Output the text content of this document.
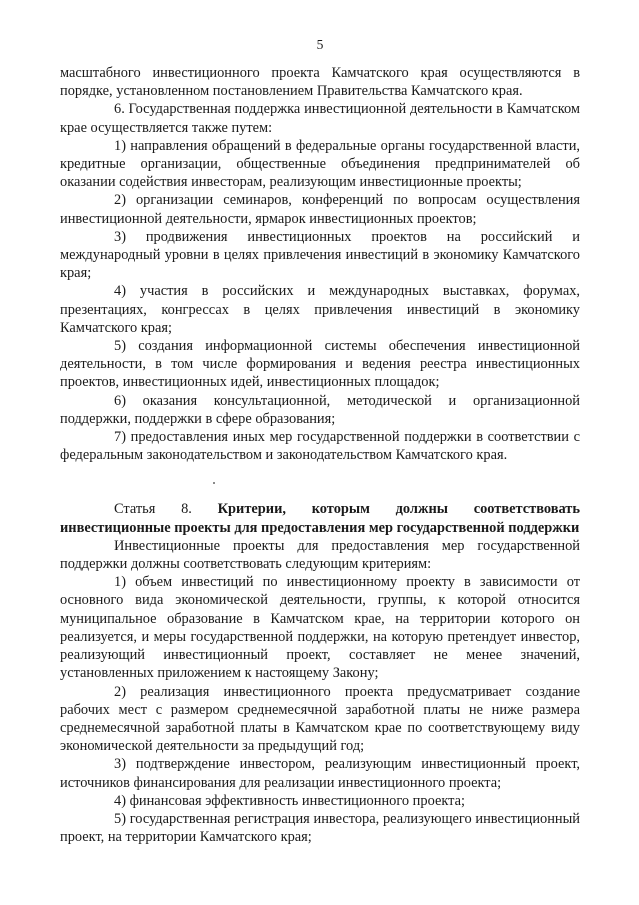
5

масштабного инвестиционного проекта Камчатского края осуществляются в порядке, установленном постановлением Правительства Камчатского края.

6. Государственная поддержка инвестиционной деятельности в Камчатском крае осуществляется также путем:

1) направления обращений в федеральные органы государственной власти, кредитные организации, общественные объединения предпринимателей об оказании содействия инвесторам, реализующим инвестиционные проекты;

2) организации семинаров, конференций по вопросам осуществления инвестиционной деятельности, ярмарок инвестиционных проектов;

3) продвижения инвестиционных проектов на российский и международный уровни в целях привлечения инвестиций в экономику Камчатского края;

4) участия в российских и международных выставках, форумах, презентациях, конгрессах в целях привлечения инвестиций в экономику Камчатского края;

5) создания информационной системы обеспечения инвестиционной деятельности, в том числе формирования и ведения реестра инвестиционных проектов, инвестиционных идей, инвестиционных площадок;

6) оказания консультационной, методической и организационной поддержки, поддержки в сфере образования;

7) предоставления иных мер государственной поддержки в соответствии с федеральным законодательством и законодательством Камчатского края.

Статья 8. Критерии, которым должны соответствовать инвестиционные проекты для предоставления мер государственной поддержки

Инвестиционные проекты для предоставления мер государственной поддержки должны соответствовать следующим критериям:

1) объем инвестиций по инвестиционному проекту в зависимости от основного вида экономической деятельности, группы, к которой относится муниципальное образование в Камчатском крае, на территории которого он реализуется, и меры государственной поддержки, на которую претендует инвестор, реализующий инвестиционный проект, составляет не менее значений, установленных приложением к настоящему Закону;

2) реализация инвестиционного проекта предусматривает создание рабочих мест с размером среднемесячной заработной платы не ниже размера среднемесячной заработной платы в Камчатском крае по соответствующему виду экономической деятельности за предыдущий год;

3) подтверждение инвестором, реализующим инвестиционный проект, источников финансирования для реализации инвестиционного проекта;

4) финансовая эффективность инвестиционного проекта;

5) государственная регистрация инвестора, реализующего инвестиционный проект, на территории Камчатского края;
